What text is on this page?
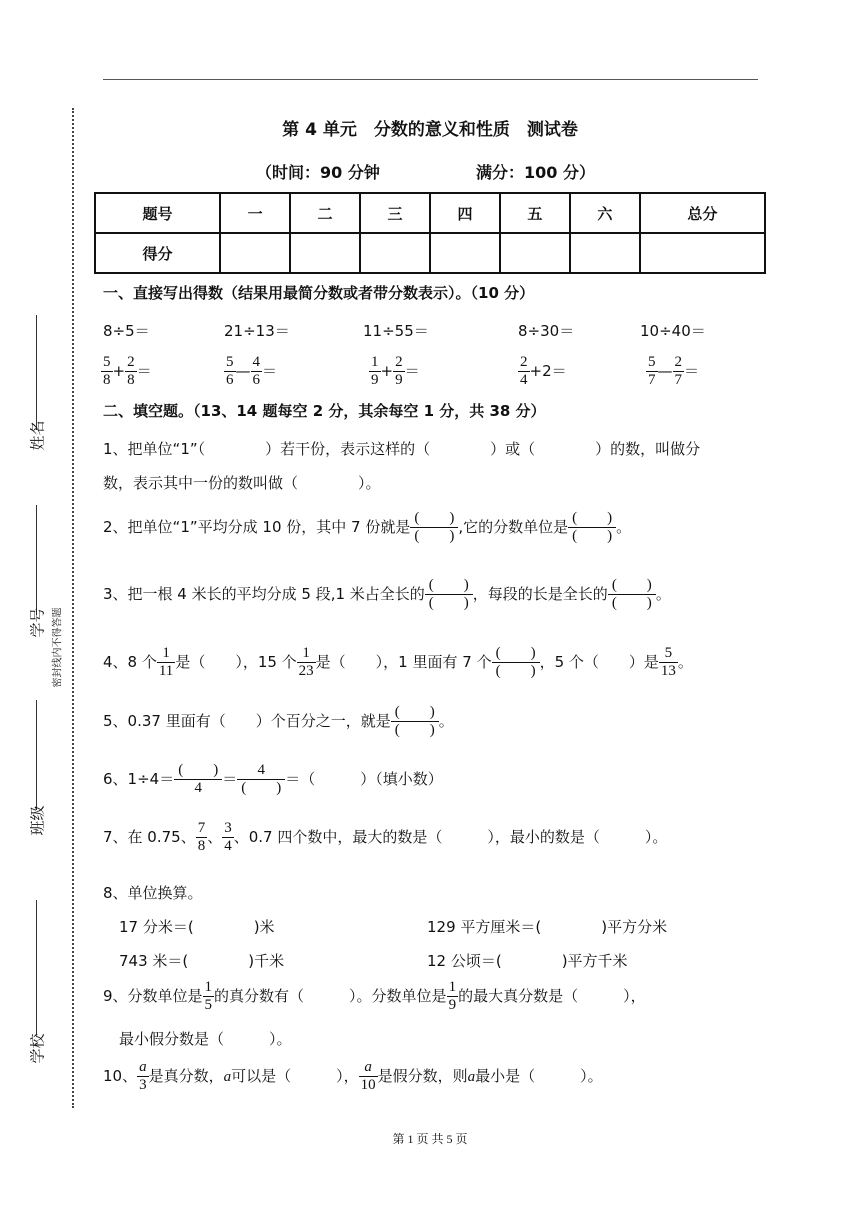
密封线内不得答题
姓名
学号
班级
学校
第 4 单元　分数的意义和性质　测试卷
（时间：90 分钟	满分：100 分）
题号	一	二	三	四	五	六	总分
得分							
一、直接写出得数（结果用最简分数或者带分数表示）。（10 分）
8÷5＝	21÷13＝	11÷55＝	8÷30＝	10÷40＝
$\frac{5}{8} + \frac{2}{8}$ ＝	$\frac{5}{6}$ — $\frac{4}{6}$ ＝	$\frac{1}{9} + \frac{2}{9}$ ＝	$\frac{2}{4} +2=$	$\frac{5}{7}$ — $\frac{2}{7}$ ＝
二、填空题。（13、14 题每空 2 分，其余每空 1 分，共 38 分）
1、把单位“1”（　　　　）若干份，表示这样的（　　　　）或（　　　　）的数，叫做分
数，表示其中一份的数叫做（　　　　）。
2、把单位“1”平均分成 10 份，其中 7 份就是 $\frac{( )}{( )}$ ,它的分数单位是 $\frac{( )}{( )}$ 。
3、把一根 4 米长的平均分成 5 段,1 米占全长的 $\frac{( )}{( )}$ ，每段的长是全长的 $\frac{( )}{( )}$ 。
4、8 个 $\frac{1}{11}$ 是（　　），15 个 $\frac{1}{23}$ 是（　　），1 里面有 7 个 $\frac{( )}{( )}$ ，5 个（　　）是 $\frac{5}{13}$ 。
5、0.37 里面有（　　）个百分之一，就是 $\frac{( )}{( )}$ 。
6、$1\div 4= \frac{( )}{4} = \frac{4}{( )}$ ＝（　　　）（填小数）
7、在 0.75、 $\frac{7}{8}$ 、 $\frac{3}{4}$ 、0.7 四个数中，最大的数是（　　　），最小的数是（　　　）。
8、单位换算。
17 分米＝(　　　　)米	129 平方厘米＝(　　　　)平方分米
743 米＝(　　　　)千米	12 公顷＝(　　　　)平方千米
9、分数单位是 $\frac{1}{5}$ 的真分数有（　　　）。分数单位是 $\frac{1}{9}$ 的最大真分数是（　　　），
最小假分数是（　　　）。
10、 $\frac{a}{3}$ 是真分数，a可以是（　　　）， $\frac{a}{10}$ 是假分数，则a最小是（　　　）。
第 1 页 共 5 页
